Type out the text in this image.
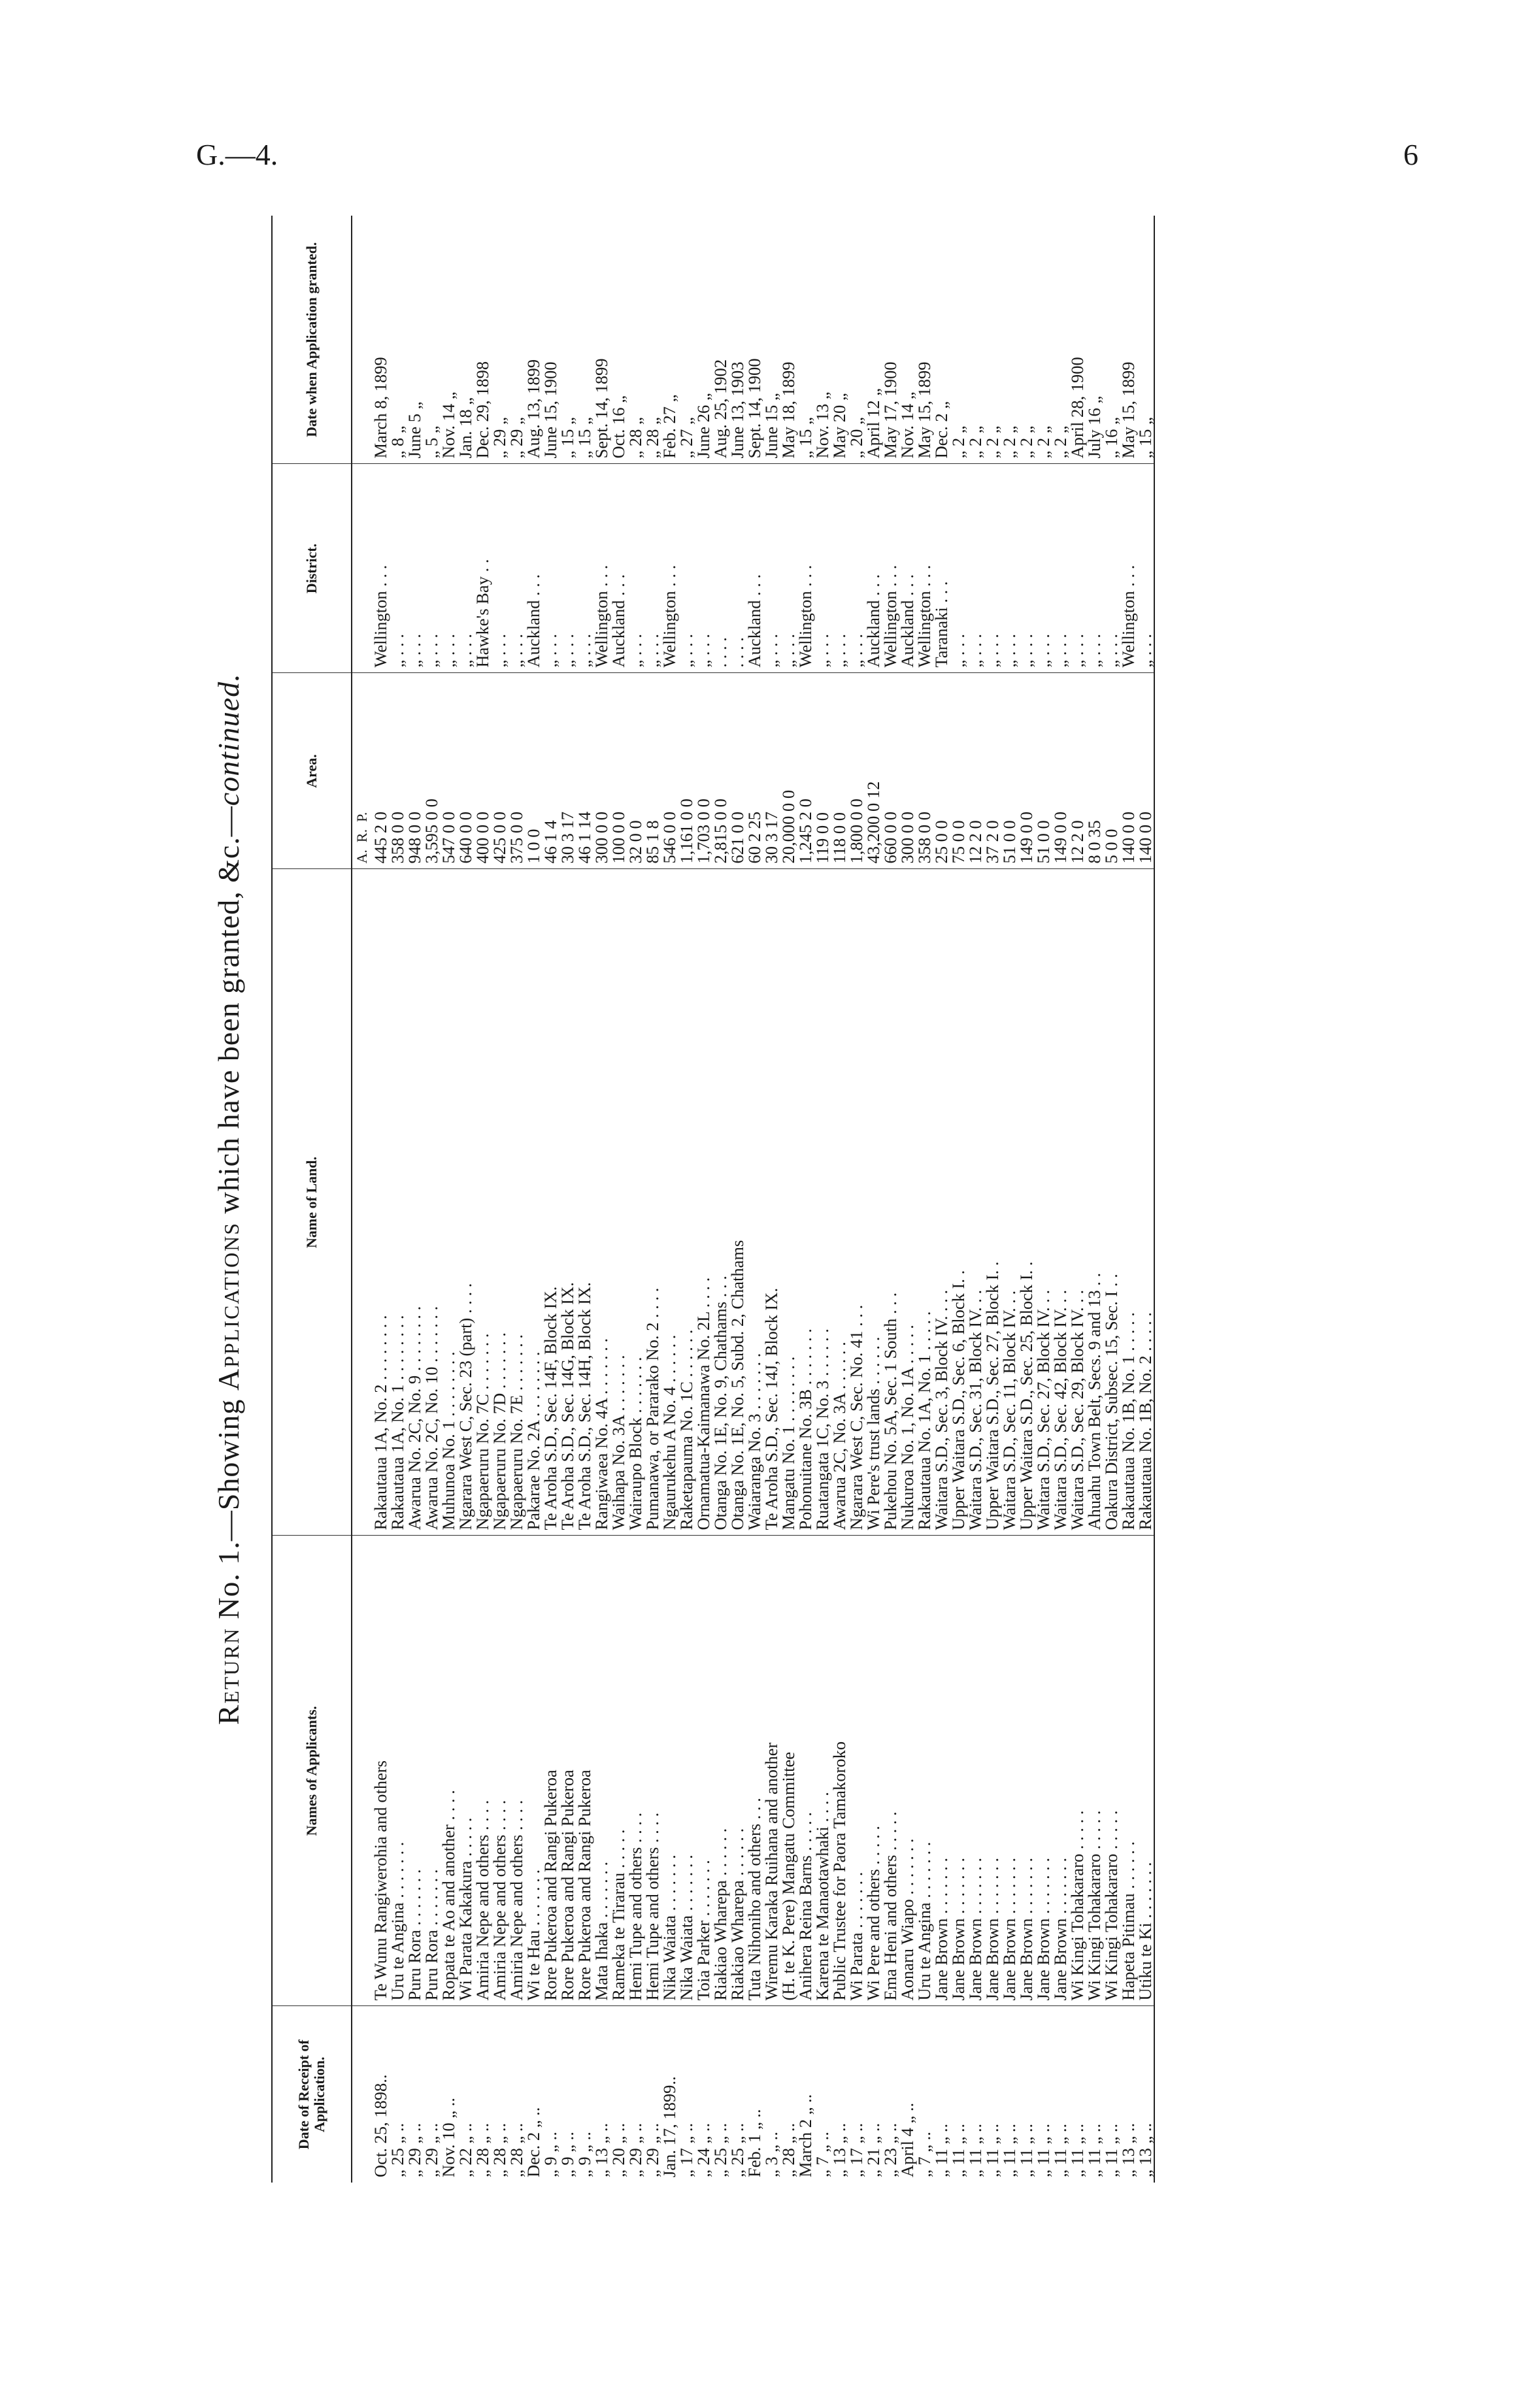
G.—4.	6
Return No. 1.—Showing Applications which have been granted, &c.—continued.
Date of Receipt of Application.	Names of Applicants.	Name of Land.	Area.	District.	Date when Application granted.
			A.  R.  P.		
Oct. 25, 1898..	Te Wunu Rangiwerohia and others	Rakautaua 1A, No. 2 . . . . . . . .	445 2 0	Wellington . . .	March 8, 1899
„ 25 „ ..	Uru te Angina . . . . . . .	Rakautaua 1A, No. 1 . . . . . . . .	358 0 0	„ . . .	„ 8 „
„ 29 „ ..	Puru Rora . . . . . . .	Awarua No. 2C, No. 9 . . . . . . . .	948 0 0	„ . . .	June 5 „
„ 29 „ ..	Puru Rora . . . . . . .	Awarua No. 2C, No. 10 . . . . . . .	3,595 0 0	„ . . .	„ 5 „
Nov. 10 „ ..	Ropata te Ao and another . . . .	Muhunoa No. 1 . . . . . . . .	547 0 0	„ . . .	Nov. 14 „
„ 22 „ ..	Wi Parata Kakakura . . . . .	Ngarara West C, Sec. 23 (part) . . . .	640 0 0	„ . . .	Jan. 18 „
„ 28 „ ..	Amiria Nepe and others . . . .	Ngapaeruru No. 7C . . . . . . .	400 0 0	Hawke's Bay . .	Dec. 29, 1898
„ 28 „ ..	Amiria Nepe and others . . . .	Ngapaeruru No. 7D . . . . . . .	425 0 0	„ . . .	„ 29 „
„ 28 „ ..	Amiria Nepe and others . . . .	Ngapaeruru No. 7E . . . . . . .	375 0 0	„ . . .	„ 29 „
Dec. 2 „ ..	Wi te Hau . . . . . . .	Pakarae No. 2A . . . . . . . .	1 0 0	Auckland . . .	Aug. 13, 1899
„ 9 „ ..	Rore Pukeroa and Rangi Pukeroa	Te Aroha S.D., Sec. 14F, Block IX.	46 1 4	„ . . .	June 15, 1900
„ 9 „ ..	Rore Pukeroa and Rangi Pukeroa	Te Aroha S.D., Sec. 14G, Block IX.	30 3 17	„ . . .	„ 15 „
„ 9 „ ..	Rore Pukeroa and Rangi Pukeroa	Te Aroha S.D., Sec. 14H, Block IX.	46 1 14	„ . . .	„ 15 „
„ 13 „ ..	Mata Ihaka . . . . . . .	Rangiwaea No. 4A . . . . . . .	300 0 0	Wellington . . .	Sept. 14, 1899
„ 20 „ ..	Rameka te Tirarau . . . . .	Waihapa No. 3A . . . . . . .	100 0 0	Auckland . . .	Oct. 16 „
„ 29 „ ..	Hemi Tupe and others . . . .	Wairaupo Block . . . . . . .	32 0 0	„ . . .	„ 28 „
„ 29 „ ..	Hemi Tupe and others . . . .	Pumanawa, or Pararako No. 2 . . . .	85 1 8	„ . . .	„ 28 „
Jan. 17, 1899..	Nika Waiata . . . . . . .	Ngaurukehu A No. 4 . . . . . .	546 0 0	Wellington . . .	Feb. 27 „
„ 17 „ ..	Nika Waiata . . . . . . .	Raketapauma No. 1C . . . . . .	1,161 0 0	„ . . .	„ 27 „
„ 24 „ ..	Toia Parker . . . . . . .	Ornamatua-Kaimanawa No. 2L . . . .	1,703 0 0	„ . . .	June 26 „
„ 25 „ ..	Riakiao Wharepa . . . . . .	Otanga No. 1E, No. 9, Chathams . . .	2,815 0 0	. . . .	Aug. 25, 1902
„ 25 „ ..	Riakiao Wharepa . . . . . .	Otanga No. 1E, No. 5, Subd. 2, Chathams	621 0 0	. . . .	June 13, 1903
Feb. 1 „ ..	Tuta Nihoniho and others . . .	Waiaranga No. 3 . . . . . . .	60 2 25	Auckland . . .	Sept. 14, 1900
„ 3 „ ..	Wiremu Karaka Ruihana and another	Te Aroha S.D., Sec. 14J, Block IX.	30 3 17	„ . . .	June 15 „
„ 28 „ ..	(H. te K. Pere) Mangatu Committee	Mangatu No. 1 . . . . . . . .	20,000 0 0	„ . . .	May 18, 1899
March 2 „ ..	Anihera Reina Barns . . . . .	Pohonuitane No. 3B . . . . . . .	1,245 2 0	Wellington . . .	„ 15 „
„ 7 „ ..	Karena te Manaotawhaki . . . .	Ruatangata 1C, No. 3 . . . . . .	119 0 0	„ . . .	Nov. 13 „
„ 13 „ ..	Public Trustee for Paora Tamakoroko	Awarua 2C, No. 3A . . . . . .	118 0 0	„ . . .	May 20 „
„ 17 „ ..	Wi Parata . . . . . . .	Ngarara West C, Sec. No. 41 . . .	1,800 0 0	„ . . .	„ 20 „
„ 21 „ ..	Wi Pere and others . . . . .	Wi Pere's trust lands . . . . . .	43,200 0 12	Auckland . . .	April 12 „
„ 23 „ ..	Ema Heni and others . . . . .	Pukehou No. 5A, Sec. 1 South . . .	660 0 0	Wellington . . .	May 17, 1900
April 4 „ ..	Aonaru Wiapo . . . . . . .	Nukuroa No. 1, No. 1A . . . . .	300 0 0	Auckland . . .	Nov. 14 „
„ 7 „ ..	Uru te Angina . . . . . . .	Rakautaua No. 1A, No. 1 . . . . .	358 0 0	Wellington . . .	May 15, 1899
„ 11 „ ..	Jane Brown . . . . . . .	Waitara S.D., Sec. 3, Block IV. . . .	25 0 0	Taranaki . . .	Dec. 2 „
„ 11 „ ..	Jane Brown . . . . . . .	Upper Waitara S.D., Sec. 6, Block I. .	75 0 0	„ . . .	„ 2 „
„ 11 „ ..	Jane Brown . . . . . . .	Waitara S.D., Sec. 31, Block IV. . .	12 2 0	„ . . .	„ 2 „
„ 11 „ ..	Jane Brown . . . . . . .	Upper Waitara S.D., Sec. 27, Block I. .	37 2 0	„ . . .	„ 2 „
„ 11 „ ..	Jane Brown . . . . . . .	Waitara S.D., Sec. 11, Block IV. . .	51 0 0	„ . . .	„ 2 „
„ 11 „ ..	Jane Brown . . . . . . .	Upper Waitara S.D., Sec. 25, Block I. .	149 0 0	„ . . .	„ 2 „
„ 11 „ ..	Jane Brown . . . . . . .	Waitara S.D., Sec. 27, Block IV. . .	51 0 0	„ . . .	„ 2 „
„ 11 „ ..	Jane Brown . . . . . . .	Waitara S.D., Sec. 42, Block IV. . .	149 0 0	„ . . .	„ 2 „
„ 11 „ ..	Wi Kingi Tohakararo . . . . .	Waitara S.D., Sec. 29, Block IV. . .	12 2 0	„ . . .	April 28, 1900
„ 11 „ ..	Wi Kingi Tohakararo . . . . .	Ahuahu Town Belt, Secs. 9 and 13 . .	8 0 35	„ . . .	July 16 „
„ 11 „ ..	Wi Kingi Tohakararo . . . . .	Oakura District, Subsec. 15, Sec. I . .	5 0 0	„ . . .	„ 16 „
„ 13 „ ..	Hapeta Pitimau . . . . . .	Rakautaua No. 1B, No. 1 . . . . .	140 0 0	Wellington . . .	May 15, 1899
„ 13 „ ..	Utiku te Ki . . . . . . .	Rakautaua No. 1B, No. 2 . . . . .	140 0 0	„ . . .	„ 15 „
